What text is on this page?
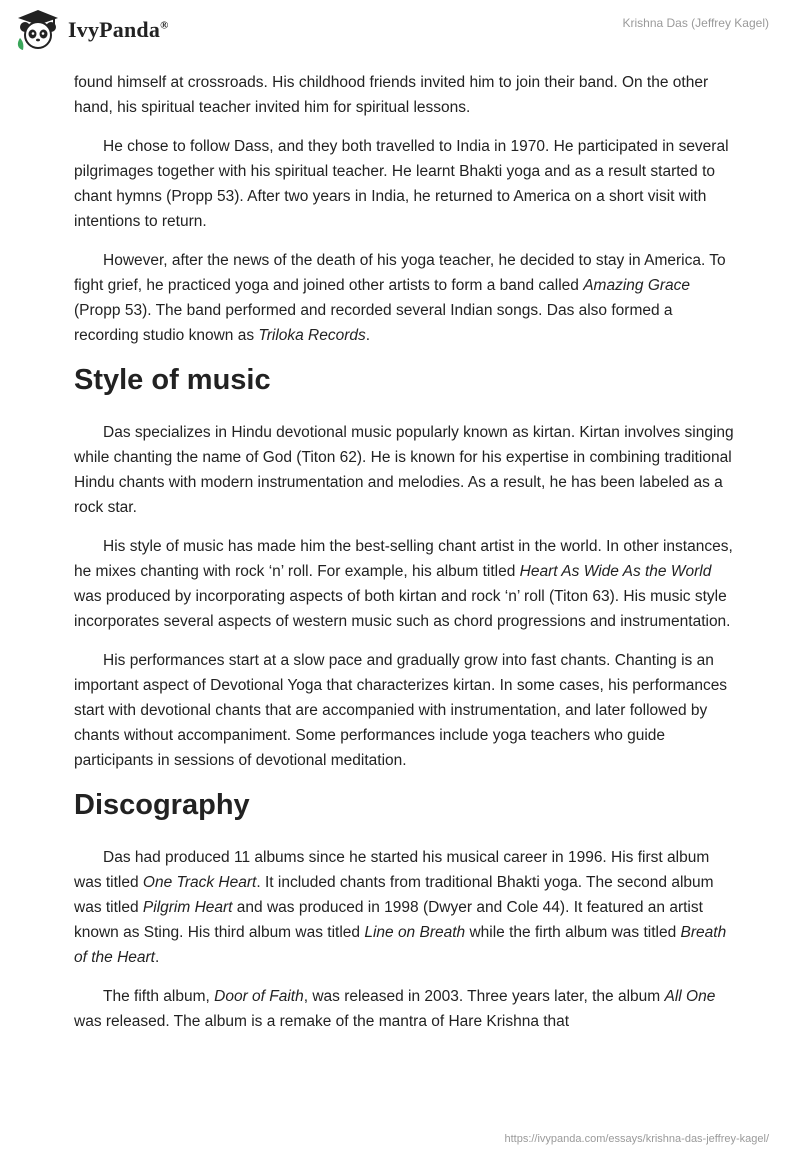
IvyPanda®	Krishna Das (Jeffrey Kagel)

found himself at crossroads. His childhood friends invited him to join their band. On the other hand, his spiritual teacher invited him for spiritual lessons.

He chose to follow Dass, and they both travelled to India in 1970. He participated in several pilgrimages together with his spiritual teacher. He learnt Bhakti yoga and as a result started to chant hymns (Propp 53). After two years in India, he returned to America on a short visit with intentions to return.

However, after the news of the death of his yoga teacher, he decided to stay in America. To fight grief, he practiced yoga and joined other artists to form a band called Amazing Grace (Propp 53). The band performed and recorded several Indian songs. Das also formed a recording studio known as Triloka Records.

Style of music

Das specializes in Hindu devotional music popularly known as kirtan. Kirtan involves singing while chanting the name of God (Titon 62). He is known for his expertise in combining traditional Hindu chants with modern instrumentation and melodies. As a result, he has been labeled as a rock star.

His style of music has made him the best-selling chant artist in the world. In other instances, he mixes chanting with rock ‘n’ roll. For example, his album titled Heart As Wide As the World was produced by incorporating aspects of both kirtan and rock ‘n’ roll (Titon 63). His music style incorporates several aspects of western music such as chord progressions and instrumentation.

His performances start at a slow pace and gradually grow into fast chants. Chanting is an important aspect of Devotional Yoga that characterizes kirtan. In some cases, his performances start with devotional chants that are accompanied with instrumentation, and later followed by chants without accompaniment. Some performances include yoga teachers who guide participants in sessions of devotional meditation.

Discography

Das had produced 11 albums since he started his musical career in 1996. His first album was titled One Track Heart. It included chants from traditional Bhakti yoga. The second album was titled Pilgrim Heart and was produced in 1998 (Dwyer and Cole 44). It featured an artist known as Sting. His third album was titled Line on Breath while the firth album was titled Breath of the Heart.

The fifth album, Door of Faith, was released in 2003. Three years later, the album All One was released. The album is a remake of the mantra of Hare Krishna that

https://ivypanda.com/essays/krishna-das-jeffrey-kagel/
